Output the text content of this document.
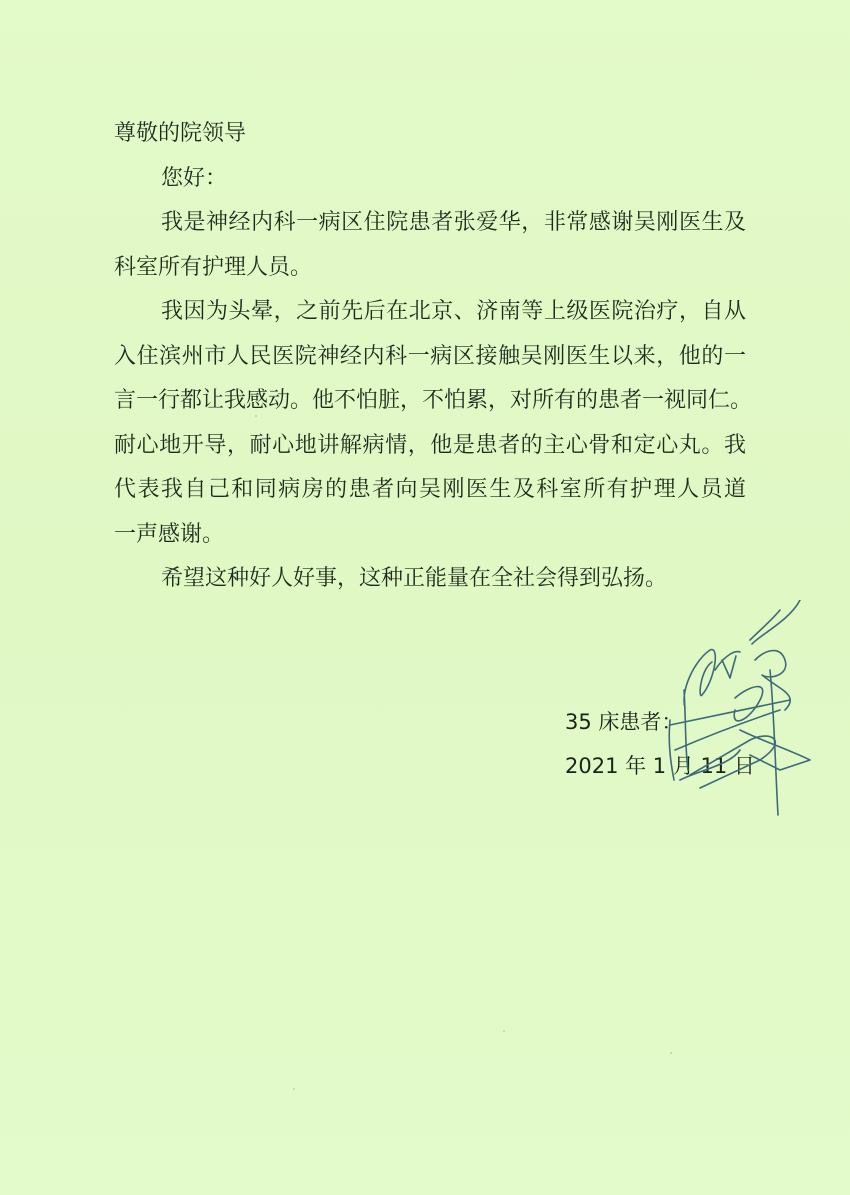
尊敬的院领导
您好：
我是神经内科一病区住院患者张爱华，非常感谢吴刚医生及
科室所有护理人员。
我因为头晕，之前先后在北京、济南等上级医院治疗，自从
入住滨州市人民医院神经内科一病区接触吴刚医生以来，他的一
言一行都让我感动。他不怕脏，不怕累，对所有的患者一视同仁。
耐心地开导，耐心地讲解病情，他是患者的主心骨和定心丸。我
代表我自己和同病房的患者向吴刚医生及科室所有护理人员道
一声感谢。
希望这种好人好事，这种正能量在全社会得到弘扬。
35 床患者：
2021 年 1 月 11 日
